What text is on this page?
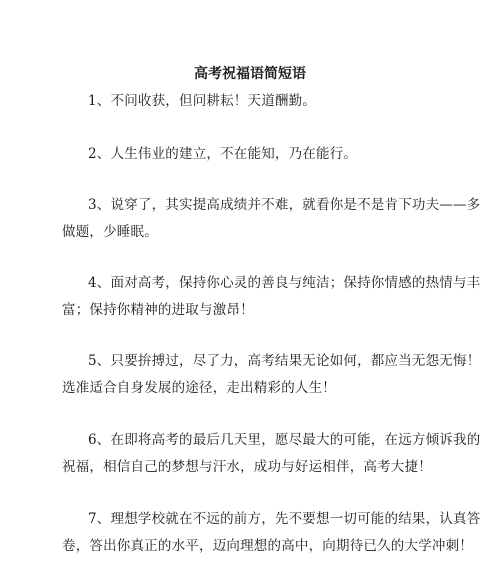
高考祝福语简短语
1、不问收获，但问耕耘！天道酬勤。
2、人生伟业的建立，不在能知，乃在能行。
3、说穿了，其实提高成绩并不难，就看你是不是肯下功夫——多
做题，少睡眠。
4、面对高考，保持你心灵的善良与纯洁；保持你情感的热情与丰
富；保持你精神的进取与激昂！
5、只要拚搏过，尽了力，高考结果无论如何，都应当无怨无悔！
选准适合自身发展的途径，走出精彩的人生！
6、在即将高考的最后几天里，愿尽最大的可能，在远方倾诉我的
祝福，相信自己的梦想与汗水，成功与好运相伴，高考大捷！
7、理想学校就在不远的前方，先不要想一切可能的结果，认真答
卷，答出你真正的水平，迈向理想的高中，向期待已久的大学冲刺！
